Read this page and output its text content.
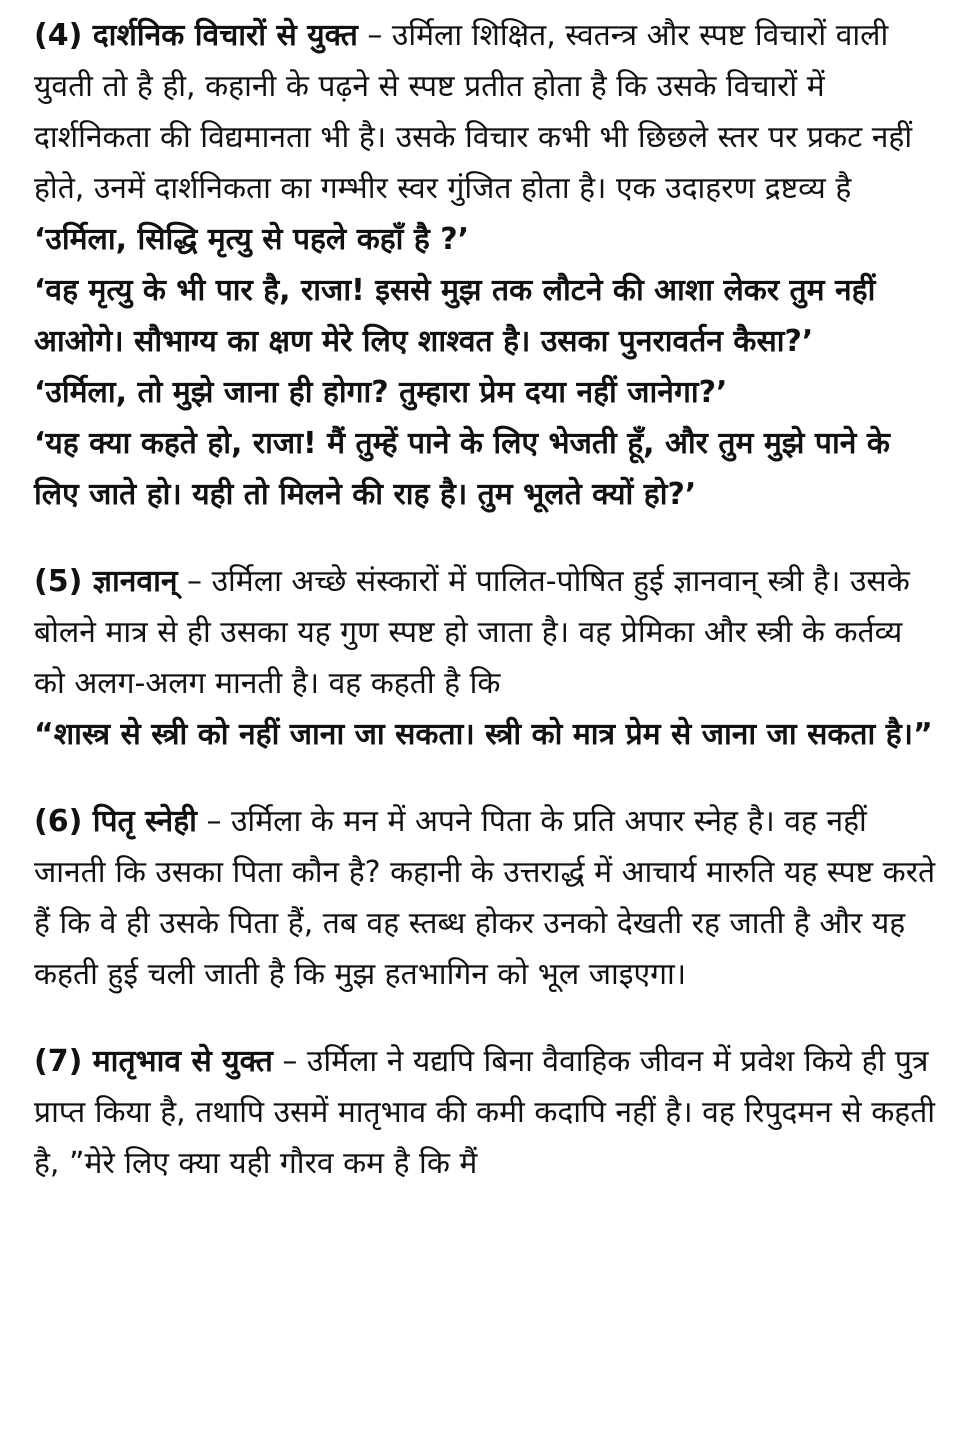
(4) दार्शनिक विचारों से युक्त – उर्मिला शिक्षित, स्वतन्त्र और स्पष्ट विचारों वाली युवती तो है ही, कहानी के पढ़ने से स्पष्ट प्रतीत होता है कि उसके विचारों में दार्शनिकता की विद्यमानता भी है। उसके विचार कभी भी छिछले स्तर पर प्रकट नहीं होते, उनमें दार्शनिकता का गम्भीर स्वर गुंजित होता है। एक उदाहरण द्रष्टव्य है

‘उर्मिला, सिद्धि मृत्यु से पहले कहाँ है ?’

‘वह मृत्यु के भी पार है, राजा! इससे मुझ तक लौटने की आशा लेकर तुम नहीं आओगे। सौभाग्य का क्षण मेरे लिए शाश्वत है। उसका पुनरावर्तन कैसा?’

‘उर्मिला, तो मुझे जाना ही होगा? तुम्हारा प्रेम दया नहीं जानेगा?’

‘यह क्या कहते हो, राजा! मैं तुम्हें पाने के लिए भेजती हूँ, और तुम मुझे पाने के लिए जाते हो। यही तो मिलने की राह है। तुम भूलते क्यों हो?’

(5) ज्ञानवान् – उर्मिला अच्छे संस्कारों में पालित-पोषित हुई ज्ञानवान् स्त्री है। उसके बोलने मात्र से ही उसका यह गुण स्पष्ट हो जाता है। वह प्रेमिका और स्त्री के कर्तव्य को अलग-अलग मानती है। वह कहती है कि

“शास्त्र से स्त्री को नहीं जाना जा सकता। स्त्री को मात्र प्रेम से जाना जा सकता है।”

(6) पितृ स्नेही – उर्मिला के मन में अपने पिता के प्रति अपार स्नेह है। वह नहीं जानती कि उसका पिता कौन है? कहानी के उत्तरार्द्ध में आचार्य मारुति यह स्पष्ट करते हैं कि वे ही उसके पिता हैं, तब वह स्तब्ध होकर उनको देखती रह जाती है और यह कहती हुई चली जाती है कि मुझ हतभागिन को भूल जाइएगा।

(7) मातृभाव से युक्त – उर्मिला ने यद्यपि बिना वैवाहिक जीवन में प्रवेश किये ही पुत्र प्राप्त किया है, तथापि उसमें मातृभाव की कमी कदापि नहीं है। वह रिपुदमन से कहती है, ”मेरे लिए क्या यही गौरव कम है कि मैं
